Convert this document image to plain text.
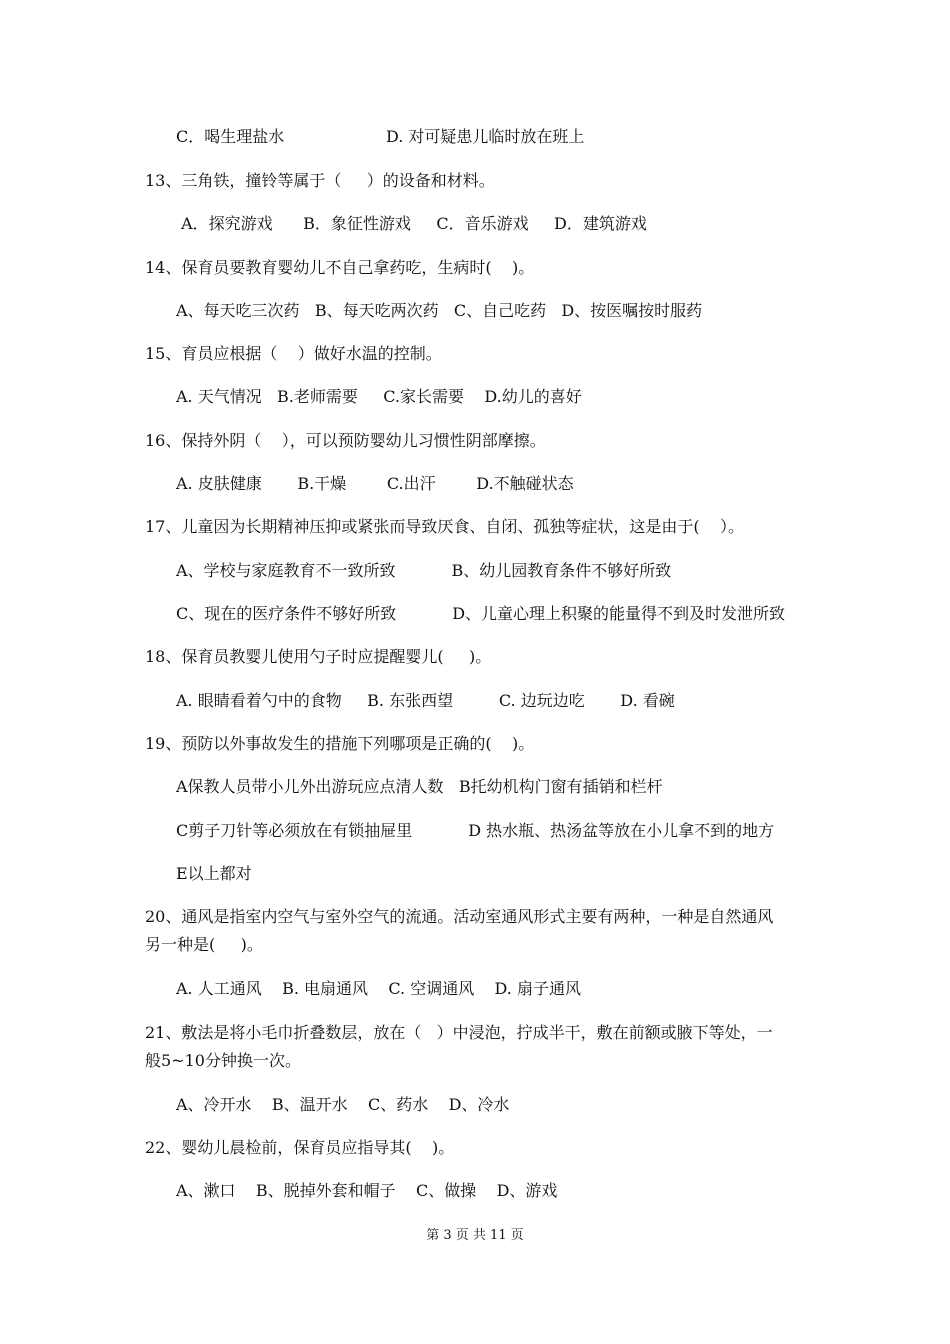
C．喝生理盐水                    D. 对可疑患儿临时放在班上
13、三角铁，撞铃等属于（     ）的设备和材料。
A．探究游戏      B．象征性游戏     C．音乐游戏     D．建筑游戏
14、保育员要教育婴幼儿不自己拿药吃，生病时(    )。
A、每天吃三次药   B、每天吃两次药   C、自己吃药   D、按医嘱按时服药
15、育员应根据（    ）做好水温的控制。
A. 天气情况   B.老师需要     C.家长需要    D.幼儿的喜好
16、保持外阴（    ），可以预防婴幼儿习惯性阴部摩擦。
A. 皮肤健康       B.干燥        C.出汗        D.不触碰状态
17、儿童因为长期精神压抑或紧张而导致厌食、自闭、孤独等症状，这是由于(    ）。
A、学校与家庭教育不一致所致           B、幼儿园教育条件不够好所致
C、现在的医疗条件不够好所致           D、儿童心理上积聚的能量得不到及时发泄所致
18、保育员教婴儿使用勺子时应提醒婴儿(     )。
A. 眼睛看着勺中的食物     B. 东张西望         C. 边玩边吃       D. 看碗
19、预防以外事故发生的措施下列哪项是正确的(    )。
A保教人员带小儿外出游玩应点清人数   B托幼机构门窗有插销和栏杆
C剪子刀针等必须放在有锁抽屉里           D 热水瓶、热汤盆等放在小儿拿不到的地方
E以上都对
20、通风是指室内空气与室外空气的流通。活动室通风形式主要有两种，一种是自然通风
另一种是(     )。
A. 人工通风    B. 电扇通风    C. 空调通风    D. 扇子通风
21、敷法是将小毛巾折叠数层，放在（   ）中浸泡，拧成半干，敷在前额或腋下等处，一
般5~10分钟换一次。
A、冷开水    B、温开水    C、药水    D、冷水
22、婴幼儿晨检前，保育员应指导其(    )。
A、漱口    B、脱掉外套和帽子    C、做操    D、游戏
第 3 页 共 11 页
